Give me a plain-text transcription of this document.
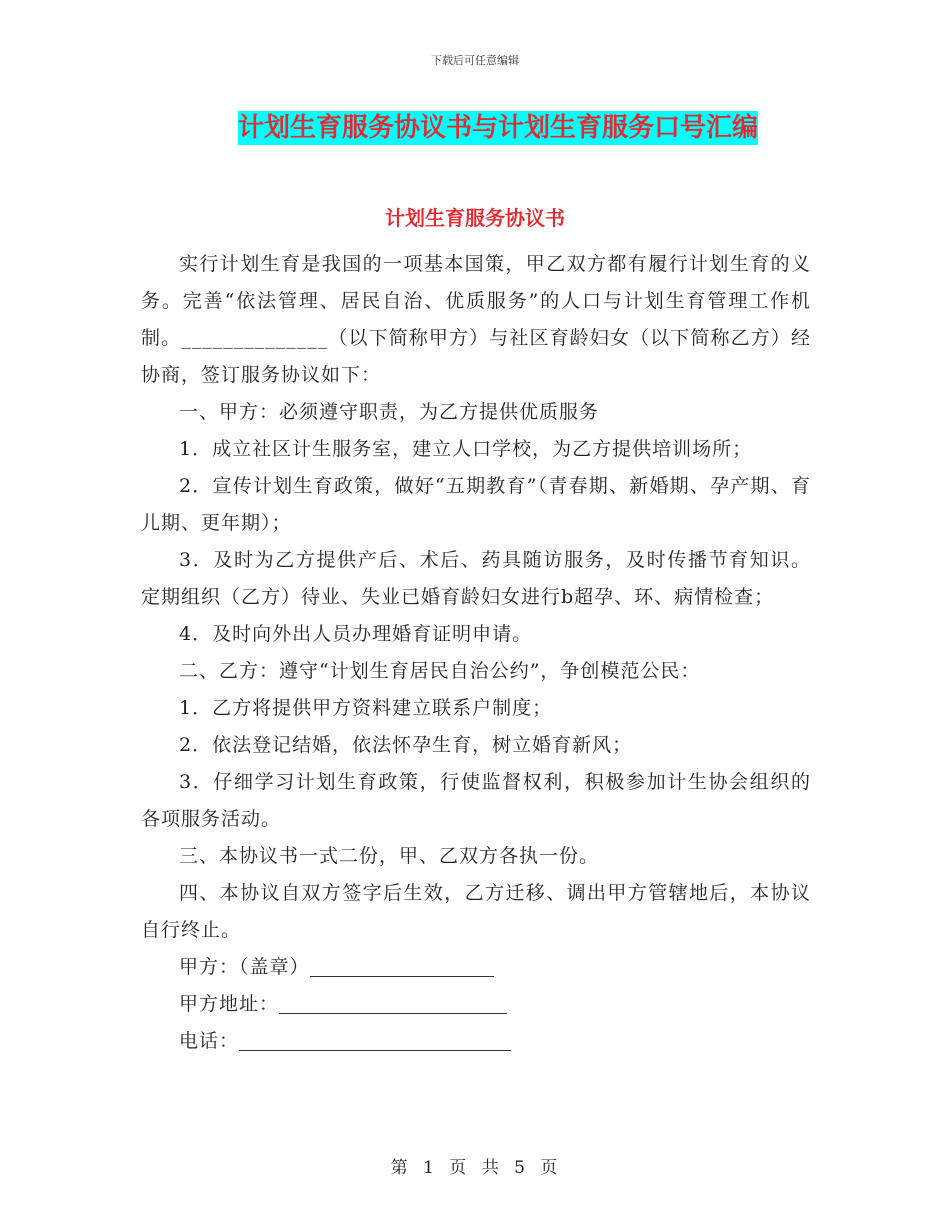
下载后可任意编辑
计划生育服务协议书与计划生育服务口号汇编
计划生育服务协议书

实行计划生育是我国的一项基本国策，甲乙双方都有履行计划生育的义务。完善“依法管理、居民自治、优质服务”的人口与计划生育管理工作机制。______________（以下简称甲方）与社区育龄妇女（以下简称乙方）经协商，签订服务协议如下：

一、甲方：必须遵守职责，为乙方提供优质服务

1．成立社区计生服务室，建立人口学校，为乙方提供培训场所；

2．宣传计划生育政策，做好“五期教育”（青春期、新婚期、孕产期、育儿期、更年期）；

3．及时为乙方提供产后、术后、药具随访服务，及时传播节育知识。定期组织（乙方）待业、失业已婚育龄妇女进行b超孕、环、病情检查；

4．及时向外出人员办理婚育证明申请。

二、乙方：遵守“计划生育居民自治公约”，争创模范公民：

1．乙方将提供甲方资料建立联系户制度；

2．依法登记结婚，依法怀孕生育，树立婚育新风；

3．仔细学习计划生育政策，行使监督权利，积极参加计生协会组织的各项服务活动。

三、本协议书一式二份，甲、乙双方各执一份。

四、本协议自双方签字后生效，乙方迁移、调出甲方管辖地后，本协议自行终止。

甲方：（盖章）

甲方地址：

电话：

第 1 页 共 5 页
